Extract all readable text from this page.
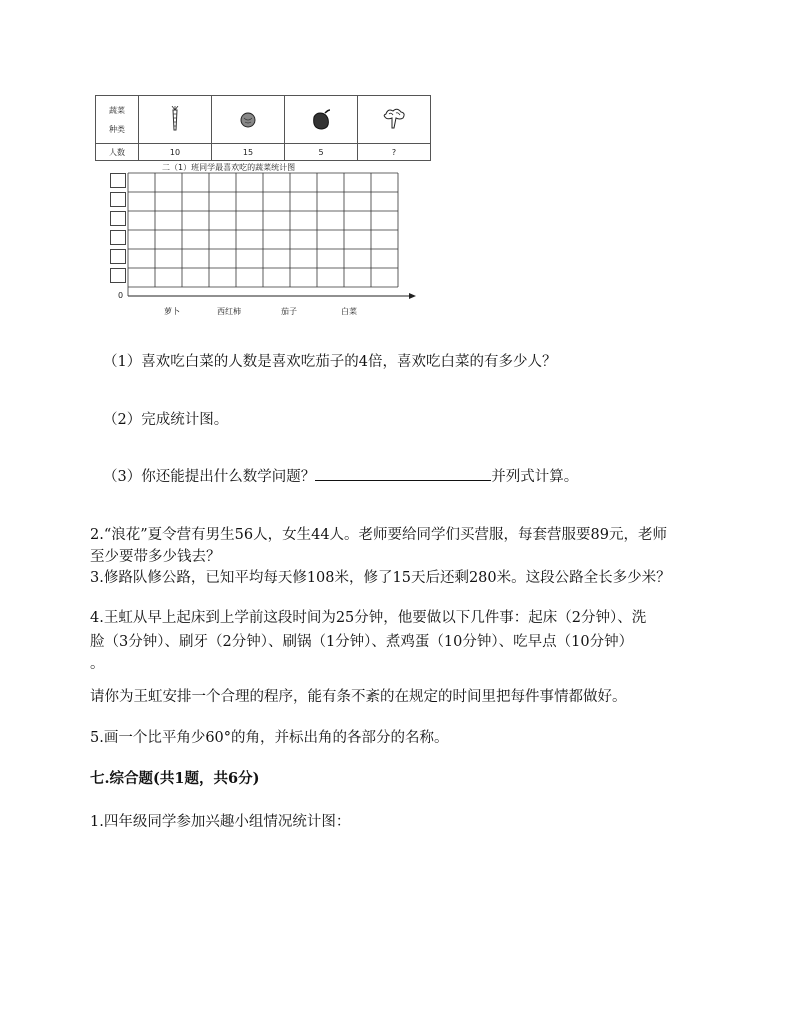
蔬菜
种类

人数	10	15	5	?
二（1）班同学最喜欢吃的蔬菜统计图
0
萝卜	西红柿	茄子	白菜
（1）喜欢吃白菜的人数是喜欢吃茄子的4倍，喜欢吃白菜的有多少人？
（2）完成统计图。
（3）你还能提出什么数学问题？	并列式计算。
2.“浪花”夏令营有男生56人，女生44人。老师要给同学们买营服，每套营服要89元，老师
至少要带多少钱去？
3.修路队修公路，已知平均每天修108米，修了15天后还剩280米。这段公路全长多少米？
4.王虹从早上起床到上学前这段时间为25分钟，他要做以下几件事：起床（2分钟）、洗
脸（3分钟）、刷牙（2分钟）、刷锅（1分钟）、煮鸡蛋（10分钟）、吃早点（10分钟）
。
请你为王虹安排一个合理的程序，能有条不紊的在规定的时间里把每件事情都做好。
5.画一个比平角少60°的角，并标出角的各部分的名称。
七.综合题(共1题，共6分)
1.四年级同学参加兴趣小组情况统计图：
